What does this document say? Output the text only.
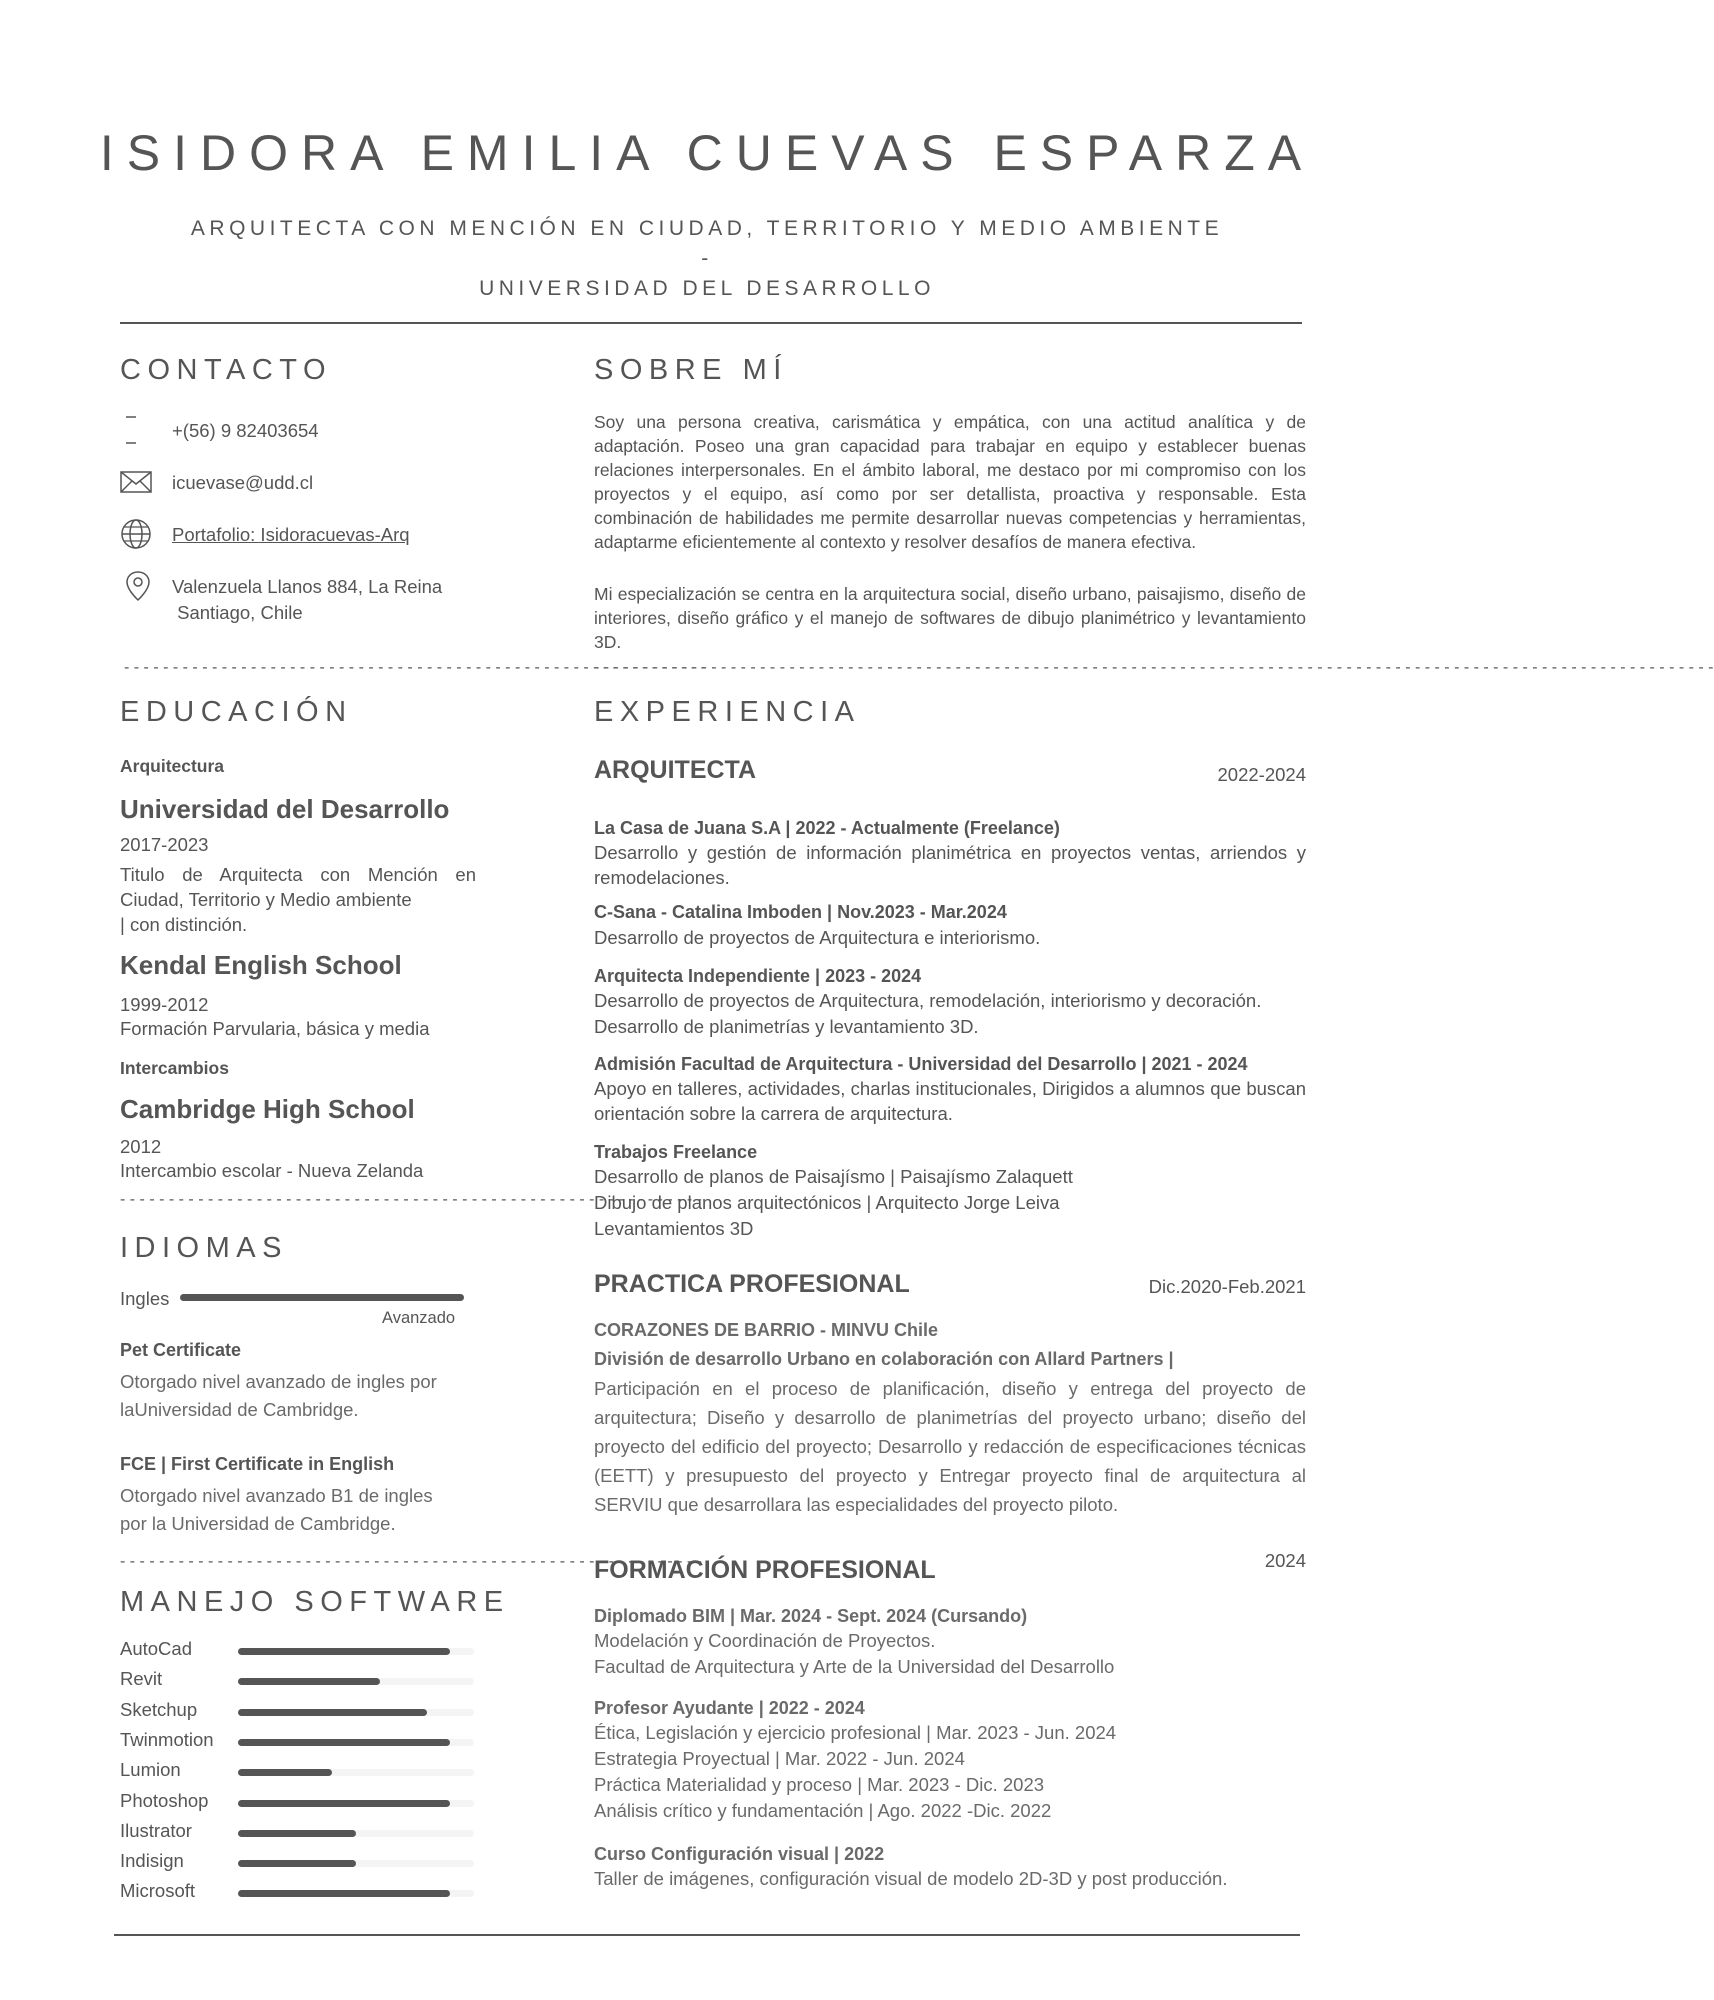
ISIDORA EMILIA CUEVAS ESPARZA
ARQUITECTA CON MENCIÓN EN CIUDAD, TERRITORIO Y MEDIO AMBIENTE -
UNIVERSIDAD DEL DESARROLLO
CONTACTO
+(56) 9 82403654
icuevase@udd.cl
Portafolio: Isidoracuevas-Arq
Valenzuela Llanos 884, La Reina
Santiago, Chile
- - - - - - - - - - - - - - - - - - - - - - - - - - - - - - - - - - - - - - - - - - - - - - - - - - - - - - - - - - - -
SOBRE MÍ
Soy una persona creativa, carismática y empática, con una actitud analítica y de adaptación. Poseo una gran capacidad para trabajar en equipo y establecer buenas relaciones interpersonales. En el ámbito laboral, me destaco por mi compromiso con los proyectos y el equipo, así como por ser detallista, proactiva y responsable. Esta combinación de habilidades me permite desarrollar nuevas competencias y herramientas, adaptarme eficientemente al contexto y resolver desafíos de manera efectiva.
Mi especialización se centra en la arquitectura social, diseño urbano, paisajismo, diseño de interiores, diseño gráfico y el manejo de softwares de dibujo planimétrico y levantamiento 3D.
- - - - - - - - - - - - - - - - - - - - - - - - - - - - - - - - - - - - - - - - - - - - - - - - - - - - - - - - - - - - - - - - - - - - - - - - - - - - - - - - - - - - - - - - - - - - - - - - - - - - - - - - - - - - - - - - - - -
EDUCACIÓN
Arquitectura
Universidad del Desarrollo
2017-2023
Titulo de Arquitecta con Mención en
Ciudad, Territorio y Medio ambiente
| con distinción.
Kendal English School
1999-2012
Formación Parvularia, básica y media
Intercambios
Cambridge High School
2012
Intercambio escolar - Nueva Zelanda
- - - - - - - - - - - - - - - - - - - - - - - - - - - - - - - - - - - - - - - - - - - - - - - - - - - - - - - - - - - -
IDIOMAS
Ingles
Avanzado
Pet Certificate
Otorgado nivel avanzado de ingles por
laUniversidad de Cambridge.
FCE | First Certificate in English
Otorgado nivel avanzado B1 de ingles
por la Universidad de Cambridge.
- - - - - - - - - - - - - - - - - - - - - - - - - - - - - - - - - - - - - - - - - - - - - - - - - - - - - - - - - - - -
MANEJO SOFTWARE
AutoCad
Revit
Sketchup
Twinmotion
Lumion
Photoshop
Ilustrator
Indisign
Microsoft
EXPERIENCIA
ARQUITECTA	2022-2024
La Casa de Juana S.A | 2022 - Actualmente (Freelance)
Desarrollo y gestión de información planimétrica en proyectos ventas, arriendos y remodelaciones.
C-Sana - Catalina Imboden | Nov.2023 - Mar.2024
Desarrollo de proyectos de Arquitectura e interiorismo.
Arquitecta Independiente | 2023 - 2024
Desarrollo de proyectos de Arquitectura, remodelación, interiorismo y decoración.
Desarrollo de planimetrías y levantamiento 3D.
Admisión Facultad de Arquitectura - Universidad del Desarrollo | 2021 - 2024
Apoyo en talleres, actividades, charlas institucionales, Dirigidos a alumnos que buscan orientación sobre la carrera de arquitectura.
Trabajos Freelance
Desarrollo de planos de Paisajísmo | Paisajísmo Zalaquett
Dibujo de planos arquitectónicos | Arquitecto Jorge Leiva
Levantamientos 3D
PRACTICA PROFESIONAL	Dic.2020-Feb.2021
CORAZONES DE BARRIO - MINVU Chile
División de desarrollo Urbano en colaboración con Allard Partners |
Participación en el proceso de planificación, diseño y entrega del proyecto de arquitectura; Diseño y desarrollo de planimetrías del proyecto urbano; diseño del proyecto del edificio del proyecto; Desarrollo y redacción de especificaciones técnicas (EETT) y presupuesto del proyecto y Entregar proyecto final de arquitectura al SERVIU que desarrollara las especialidades del proyecto piloto.
FORMACIÓN PROFESIONAL	2024
Diplomado BIM | Mar. 2024 - Sept. 2024 (Cursando)
Modelación y Coordinación de Proyectos.
Facultad de Arquitectura y Arte de la Universidad del Desarrollo
Profesor Ayudante | 2022 - 2024
Ética, Legislación y ejercicio profesional | Mar. 2023 - Jun. 2024
Estrategia Proyectual | Mar. 2022 - Jun. 2024
Práctica Materialidad y proceso | Mar. 2023 - Dic. 2023
Análisis crítico y fundamentación | Ago. 2022 -Dic. 2022
Curso Configuración visual | 2022
Taller de imágenes, configuración visual de modelo 2D-3D y post producción.
